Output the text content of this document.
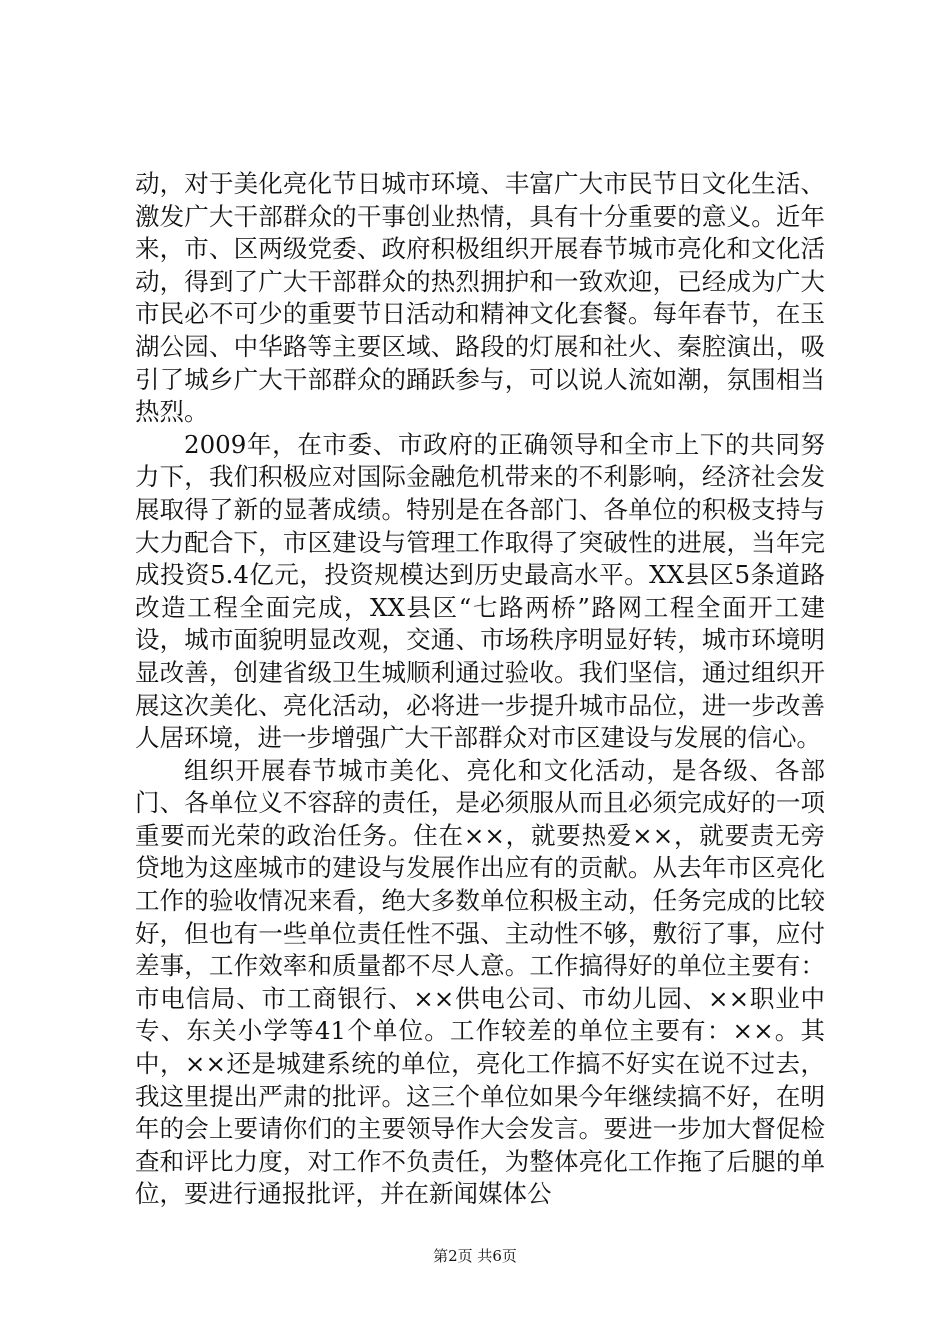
动，对于美化亮化节日城市环境、丰富广大市民节日文化生活、激发广大干部群众的干事创业热情，具有十分重要的意义。近年来，市、区两级党委、政府积极组织开展春节城市亮化和文化活动，得到了广大干部群众的热烈拥护和一致欢迎，已经成为广大市民必不可少的重要节日活动和精神文化套餐。每年春节，在玉湖公园、中华路等主要区域、路段的灯展和社火、秦腔演出，吸引了城乡广大干部群众的踊跃参与，可以说人流如潮，氛围相当热烈。

2009年，在市委、市政府的正确领导和全市上下的共同努力下，我们积极应对国际金融危机带来的不利影响，经济社会发展取得了新的显著成绩。特别是在各部门、各单位的积极支持与大力配合下，市区建设与管理工作取得了突破性的进展，当年完成投资5.4亿元，投资规模达到历史最高水平。XX县区5条道路改造工程全面完成，XX县区“七路两桥”路网工程全面开工建设，城市面貌明显改观，交通、市场秩序明显好转，城市环境明显改善，创建省级卫生城顺利通过验收。我们坚信，通过组织开展这次美化、亮化活动，必将进一步提升城市品位，进一步改善人居环境，进一步增强广大干部群众对市区建设与发展的信心。

组织开展春节城市美化、亮化和文化活动，是各级、各部门、各单位义不容辞的责任，是必须服从而且必须完成好的一项重要而光荣的政治任务。住在××，就要热爱××，就要责无旁贷地为这座城市的建设与发展作出应有的贡献。从去年市区亮化工作的验收情况来看，绝大多数单位积极主动，任务完成的比较好，但也有一些单位责任性不强、主动性不够，敷衍了事，应付差事，工作效率和质量都不尽人意。工作搞得好的单位主要有：市电信局、市工商银行、××供电公司、市幼儿园、××职业中专、东关小学等41个单位。工作较差的单位主要有：××。其中，××还是城建系统的单位，亮化工作搞不好实在说不过去，我这里提出严肃的批评。这三个单位如果今年继续搞不好，在明年的会上要请你们的主要领导作大会发言。要进一步加大督促检查和评比力度，对工作不负责任，为整体亮化工作拖了后腿的单位，要进行通报批评，并在新闻媒体公

第2页 共6页
